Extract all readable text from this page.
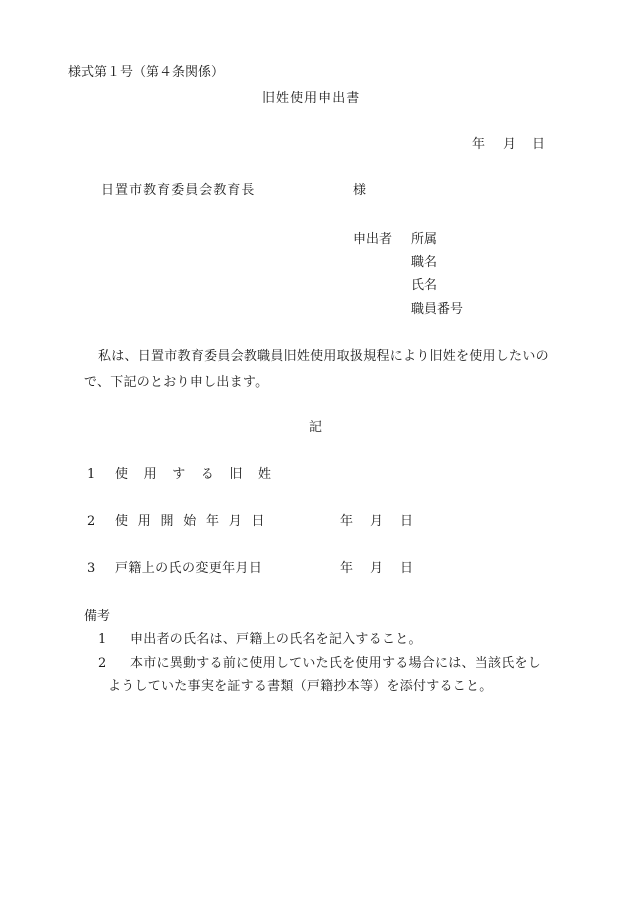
様式第１号（第４条関係）
旧姓使用申出書
年 月 日
日置市教育委員会教育長	様
申出者 所属
職名
氏名
職員番号
私は、日置市教育委員会教職員旧姓使用取扱規程により旧姓を使用したいので、下記のとおり申し出ます。
記
1 使用する旧姓
2 使用開始年月日	年 月 日
3 戸籍上の氏の変更年月日	年 月 日
備考
1 申出者の氏名は、戸籍上の氏名を記入すること。
2	本市に異動する前に使用していた氏を使用する場合には、当該氏をしようしていた事実を証する書類（戸籍抄本等）を添付すること。
